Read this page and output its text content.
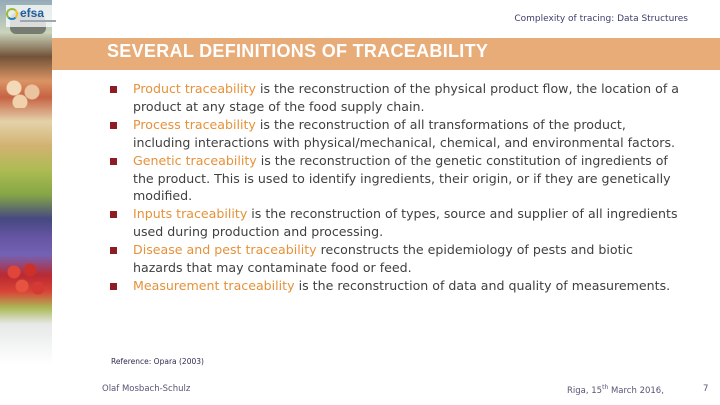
efsa	Complexity of tracing: Data Structures
SEVERAL DEFINITIONS OF TRACEABILITY
Product traceability is the reconstruction of the physical product flow, the location of a product at any stage of the food supply chain.
Process traceability is the reconstruction of all transformations of the product, including interactions with physical/mechanical, chemical, and environmental factors.
Genetic traceability is the reconstruction of the genetic constitution of ingredients of the product. This is used to identify ingredients, their origin, or if they are genetically modified.
Inputs traceability is the reconstruction of types, source and supplier of all ingredients used during production and processing.
Disease and pest traceability reconstructs the epidemiology of pests and biotic hazards that may contaminate food or feed.
Measurement traceability is the reconstruction of data and quality of measurements.
Reference: Opara (2003)
Olaf Mosbach-Schulz	Riga, 15th March 2016,	7
